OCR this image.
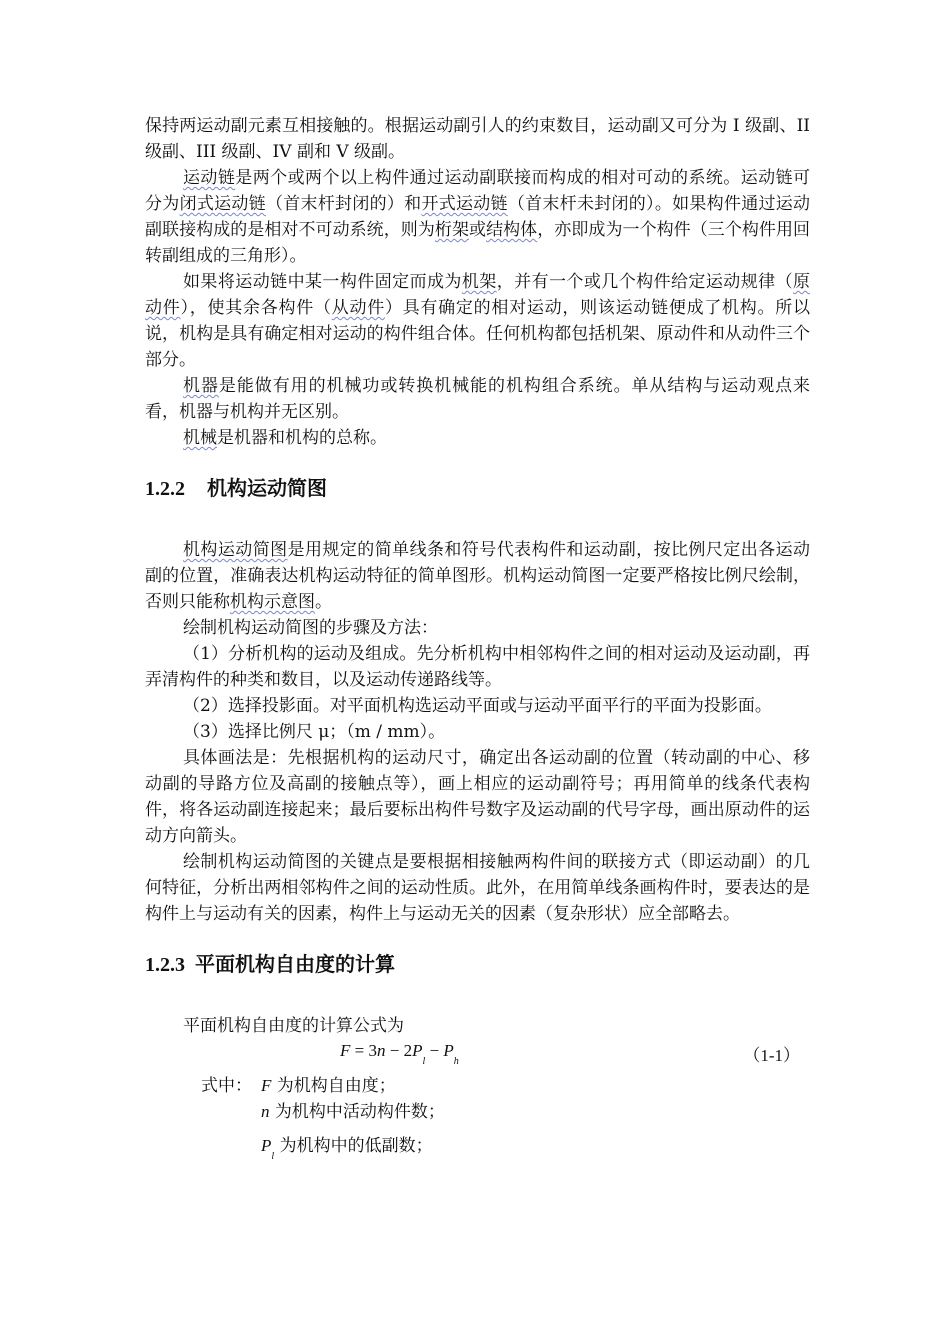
保持两运动副元素互相接触的。根据运动副引人的约束数目，运动副又可分为 I 级副、II 级副、III 级副、IV 副和 V 级副。

运动链是两个或两个以上构件通过运动副联接而构成的相对可动的系统。运动链可分为闭式运动链（首末杆封闭的）和开式运动链（首末杆未封闭的）。如果构件通过运动副联接构成的是相对不可动系统，则为桁架或结构体，亦即成为一个构件（三个构件用回转副组成的三角形）。

如果将运动链中某一构件固定而成为机架，并有一个或几个构件给定运动规律（原动件），使其余各构件（从动件）具有确定的相对运动，则该运动链便成了机构。所以说，机构是具有确定相对运动的构件组合体。任何机构都包括机架、原动件和从动件三个部分。

机器是能做有用的机械功或转换机械能的机构组合系统。单从结构与运动观点来看，机器与机构并无区别。

机械是机器和机构的总称。

1.2.2 机构运动简图

机构运动简图是用规定的简单线条和符号代表构件和运动副，按比例尺定出各运动副的位置，准确表达机构运动特征的简单图形。机构运动简图一定要严格按比例尺绘制，否则只能称机构示意图。

绘制机构运动简图的步骤及方法：

（1）分析机构的运动及组成。先分析机构中相邻构件之间的相对运动及运动副，再弄清构件的种类和数目，以及运动传递路线等。

（2）选择投影面。对平面机构选运动平面或与运动平面平行的平面为投影面。

（3）选择比例尺 μ；（m / mm）。

具体画法是：先根据机构的运动尺寸，确定出各运动副的位置（转动副的中心、移动副的导路方位及高副的接触点等），画上相应的运动副符号；再用简单的线条代表构件，将各运动副连接起来；最后要标出构件号数字及运动副的代号字母，画出原动件的运动方向箭头。

绘制机构运动简图的关键点是要根据相接触两构件间的联接方式（即运动副）的几何特征，分析出两相邻构件之间的运动性质。此外，在用简单线条画构件时，要表达的是构件上与运动有关的因素，构件上与运动无关的因素（复杂形状）应全部略去。

1.2.3 平面机构自由度的计算

平面机构自由度的计算公式为

$F = 3n - 2P_l - P_h$	（1-1）
式中： F 为机构自由度；
n 为机构中活动构件数；
$P_l$ 为机构中的低副数；
